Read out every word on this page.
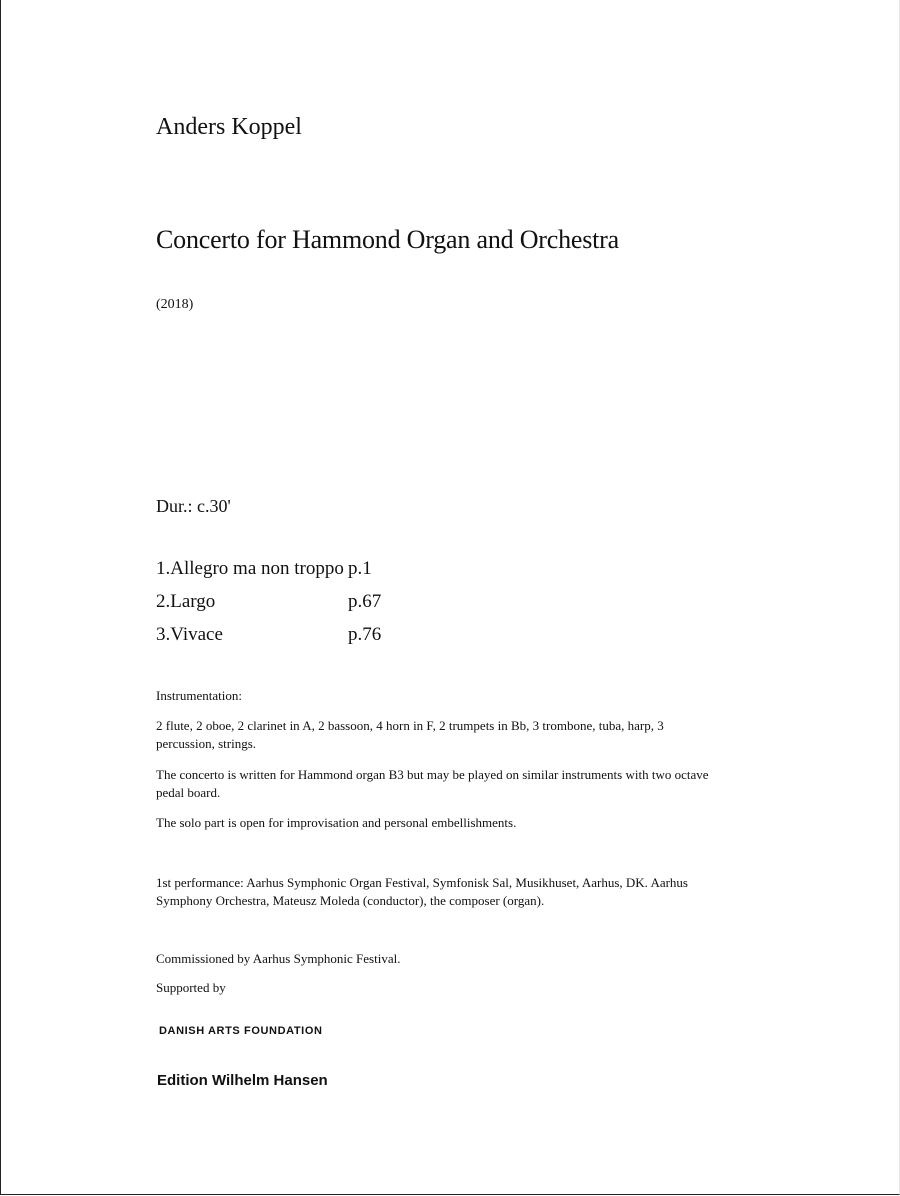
Anders Koppel
Concerto for Hammond Organ and Orchestra
(2018)
Dur.: c.30'
1.Allegro ma non troppo p.1
2.Largo	p.67
3.Vivace	p.76
Instrumentation:
2 flute, 2 oboe, 2 clarinet in A, 2 bassoon, 4 horn in F, 2 trumpets in Bb, 3 trombone, tuba, harp, 3 percussion, strings.
The concerto is written for Hammond organ B3 but may be played on similar instruments with two octave pedal board.
The solo part is open for improvisation and personal embellishments.
1st performance: Aarhus Symphonic Organ Festival, Symfonisk Sal, Musikhuset, Aarhus, DK. Aarhus Symphony Orchestra, Mateusz Moleda (conductor), the composer (organ).
Commissioned by Aarhus Symphonic Festival.
Supported by
DANISH ARTS FOUNDATION
Edition Wilhelm Hansen
